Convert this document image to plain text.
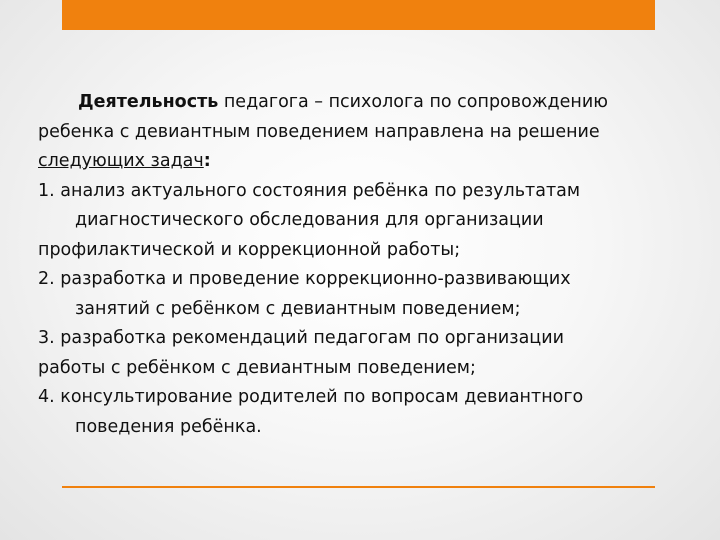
Деятельность педагога – психолога по сопровождению ребенка с девиантным поведением направлена на решение следующих задач:

1. анализ актуального состояния ребёнка по результатам

диагностического обследования для организации

профилактической и коррекционной работы;

2. разработка и проведение коррекционно-развивающих

занятий с ребёнком с девиантным поведением;

3. разработка рекомендаций педагогам по организации

работы с ребёнком с девиантным поведением;

4. консультирование родителей по вопросам девиантного

поведения ребёнка.
